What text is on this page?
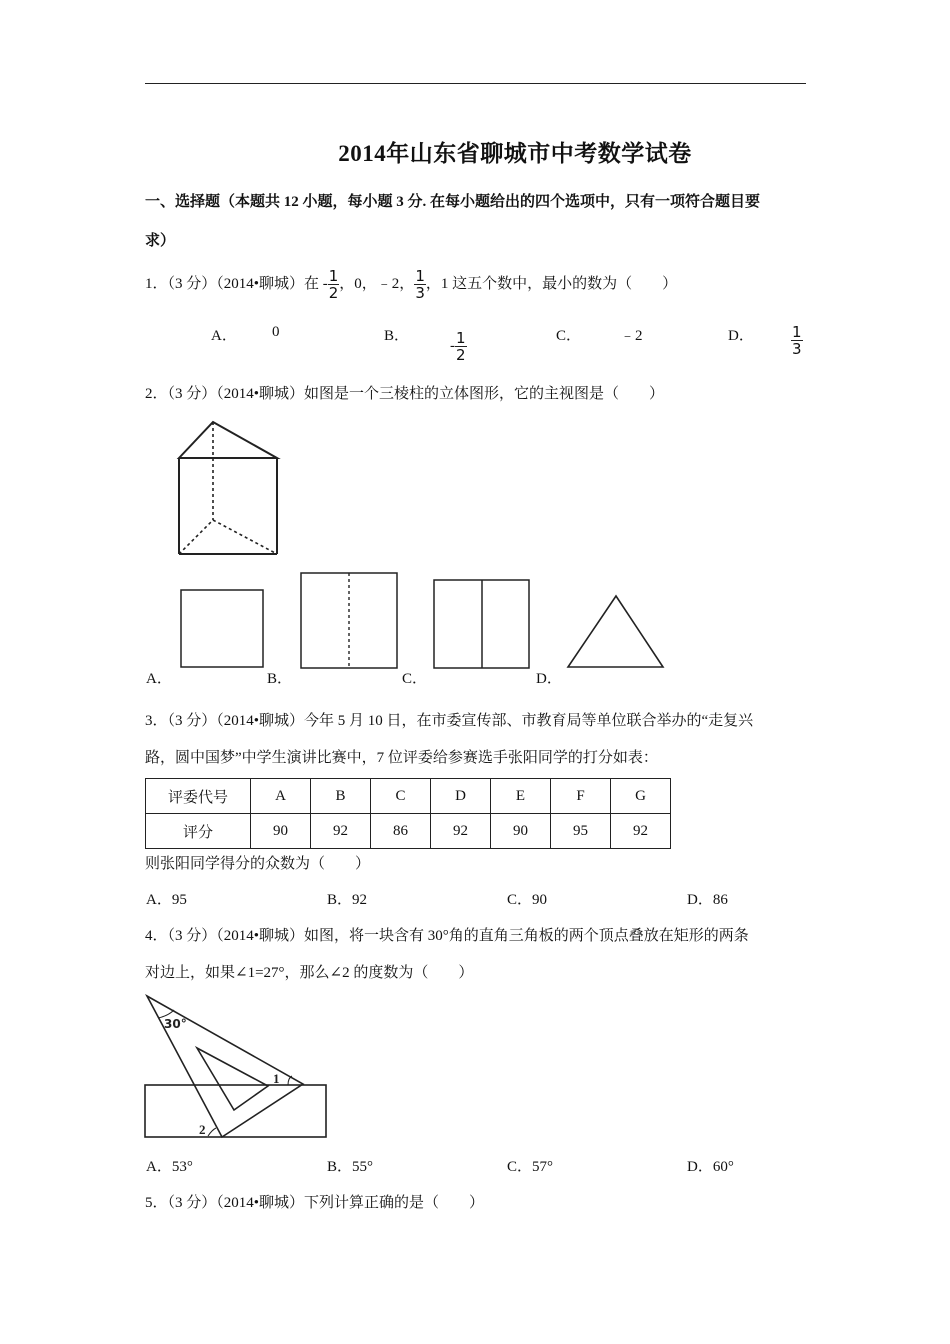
2014年山东省聊城市中考数学试卷
一、选择题（本题共 12 小题，每小题 3 分. 在每小题给出的四个选项中，只有一项符合题目要
求）
1．（3 分）（2014•聊城）在 - $\frac{1}{2}$ ，0，﹣2， $\frac{1}{3}$ ，1 这五个数中，最小的数为（　　）
A． 0	B．
- $\frac{1}{2}$	C．	﹣2	D． $\frac{1}{3}$
2．（3 分）（2014•聊城）如图是一个三棱柱的立体图形，它的主视图是（　　）
A．	B．	C．	D．
3．（3 分）（2014•聊城）今年 5 月 10 日，在市委宣传部、市教育局等单位联合举办的“走复兴
路，圆中国梦”中学生演讲比赛中，7 位评委给参赛选手张阳同学的打分如表：
评委代号	A	B	C	D	E	F	G
评分	90	92	86	92	90	95	92
则张阳同学得分的众数为（　　）
A．95	B．92	C．90	D．86
4．（3 分）（2014•聊城）如图，将一块含有 30°角的直角三角板的两个顶点叠放在矩形的两条
对边上，如果∠1=27°，那么∠2 的度数为（　　）
30°
1
2
A．53°	B．55°	C．57°	D．60°
5．（3 分）（2014•聊城）下列计算正确的是（　　）
